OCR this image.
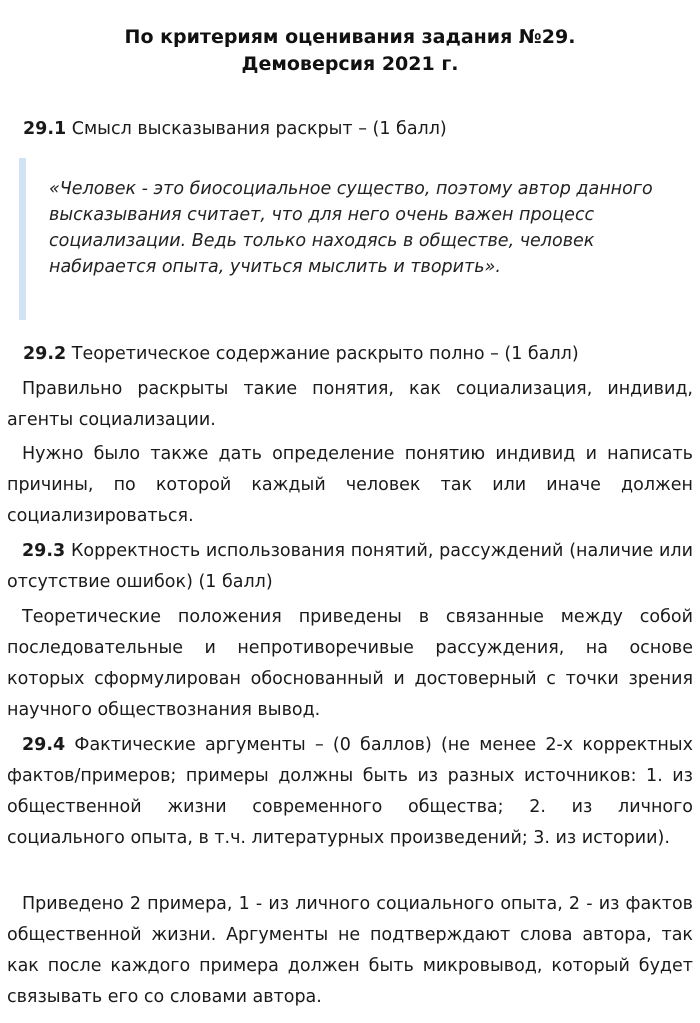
По критериям оценивания задания №29.
Демоверсия 2021 г.
29.1 Смысл высказывания раскрыт – (1 балл)
«Человек - это биосоциальное существо, поэтому автор данного высказывания считает, что для него очень важен процесс социализации. Ведь только находясь в обществе, человек набирается опыта, учиться мыслить и творить».
29.2 Теоретическое содержание раскрыто полно – (1 балл)
Правильно раскрыты такие понятия, как социализация, индивид, агенты социализации.
Нужно было также дать определение понятию индивид и написать причины, по которой каждый человек так или иначе должен социализироваться.
29.3 Корректность использования понятий, рассуждений (наличие или отсутствие ошибок) (1 балл)
Теоретические положения приведены в связанные между собой последовательные и непротиворечивые рассуждения, на основе которых сформулирован обоснованный и достоверный с точки зрения научного обществознания вывод.
29.4 Фактические аргументы – (0 баллов) (не менее 2-х корректных фактов/примеров; примеры должны быть из разных источников: 1. из общественной жизни современного общества; 2. из личного социального опыта, в т.ч. литературных произведений; 3. из истории).
Приведено 2 примера, 1 - из личного социального опыта, 2 - из фактов общественной жизни. Аргументы не подтверждают слова автора, так как после каждого примера должен быть микровывод, который будет связывать его со словами автора.
